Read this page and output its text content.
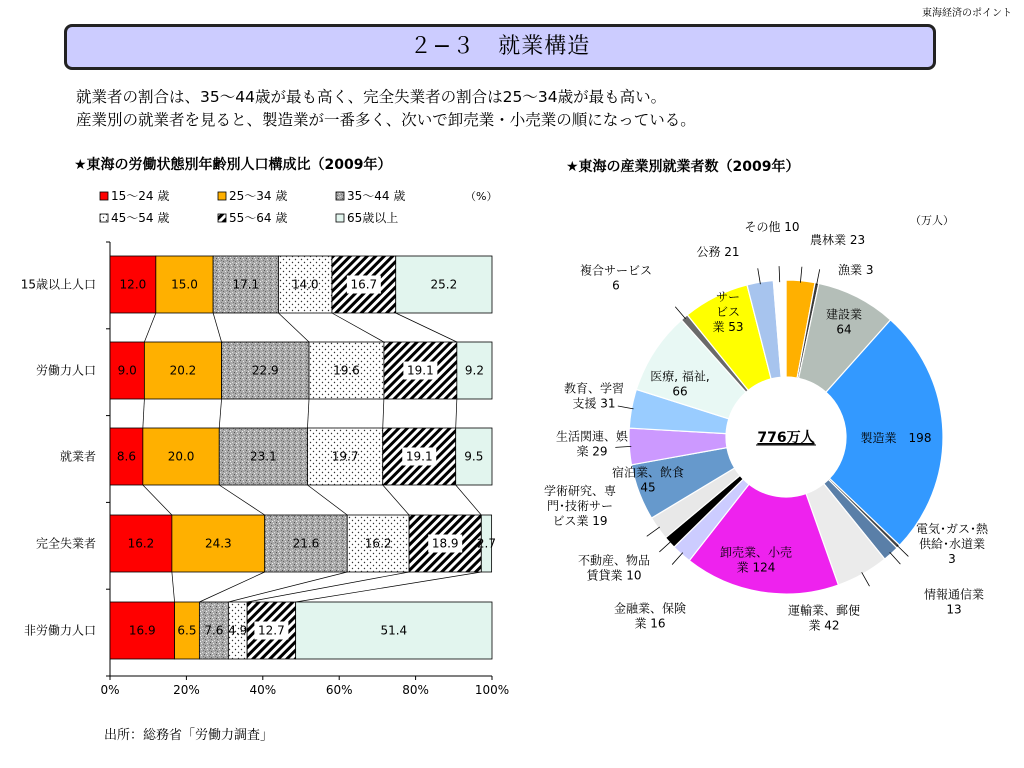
東海経済のポイント
２−３　就業構造
就業者の割合は、35～44歳が最も高く、完全失業者の割合は25～34歳が最も高い。
産業別の就業者を見ると、製造業が一番多く、次いで卸売業・小売業の順になっている。
★東海の労働状態別年齢別人口構成比（2009年）	★東海の産業別就業者数（2009年）
15～24 歳	25～34 歳	35～44 歳
45～54 歳	55～64 歳	65歳以上
（%）
0%	20%	40%	60%	80%	100%
15歳以上人口 12.0 15.0	17.1	14.0	16.7	25.2
労働力人口 9.0	20.2	22.9	19.6	19.1	9.2
就業者 8.6	20.0	23.1	19.7	19.1	9.5
完全失業者	16.2	24.3	21.6	16.2	18.9 2.7
非労働力人口	16.9 6.5 7.6 4.9 12.7	51.4
（万人）
農林業 23
漁業 3
建設業 64
製造業　198
電気･ガス･熱供給･水道業 3
情報通信業 13
運輸業、郵便業 42
卸売業、小売業 124
金融業、保険業 16
不動産、物品賃貸業 10
学術研究、専門･技術サービス業 19
宿泊業、飲食 45
生活関連、娯楽 29
教育、学習支援 31
医療, 福祉, 66
複合サービス 6
サービス業 53
公務 21
その他 10
776万人
出所：総務省「労働力調査」
